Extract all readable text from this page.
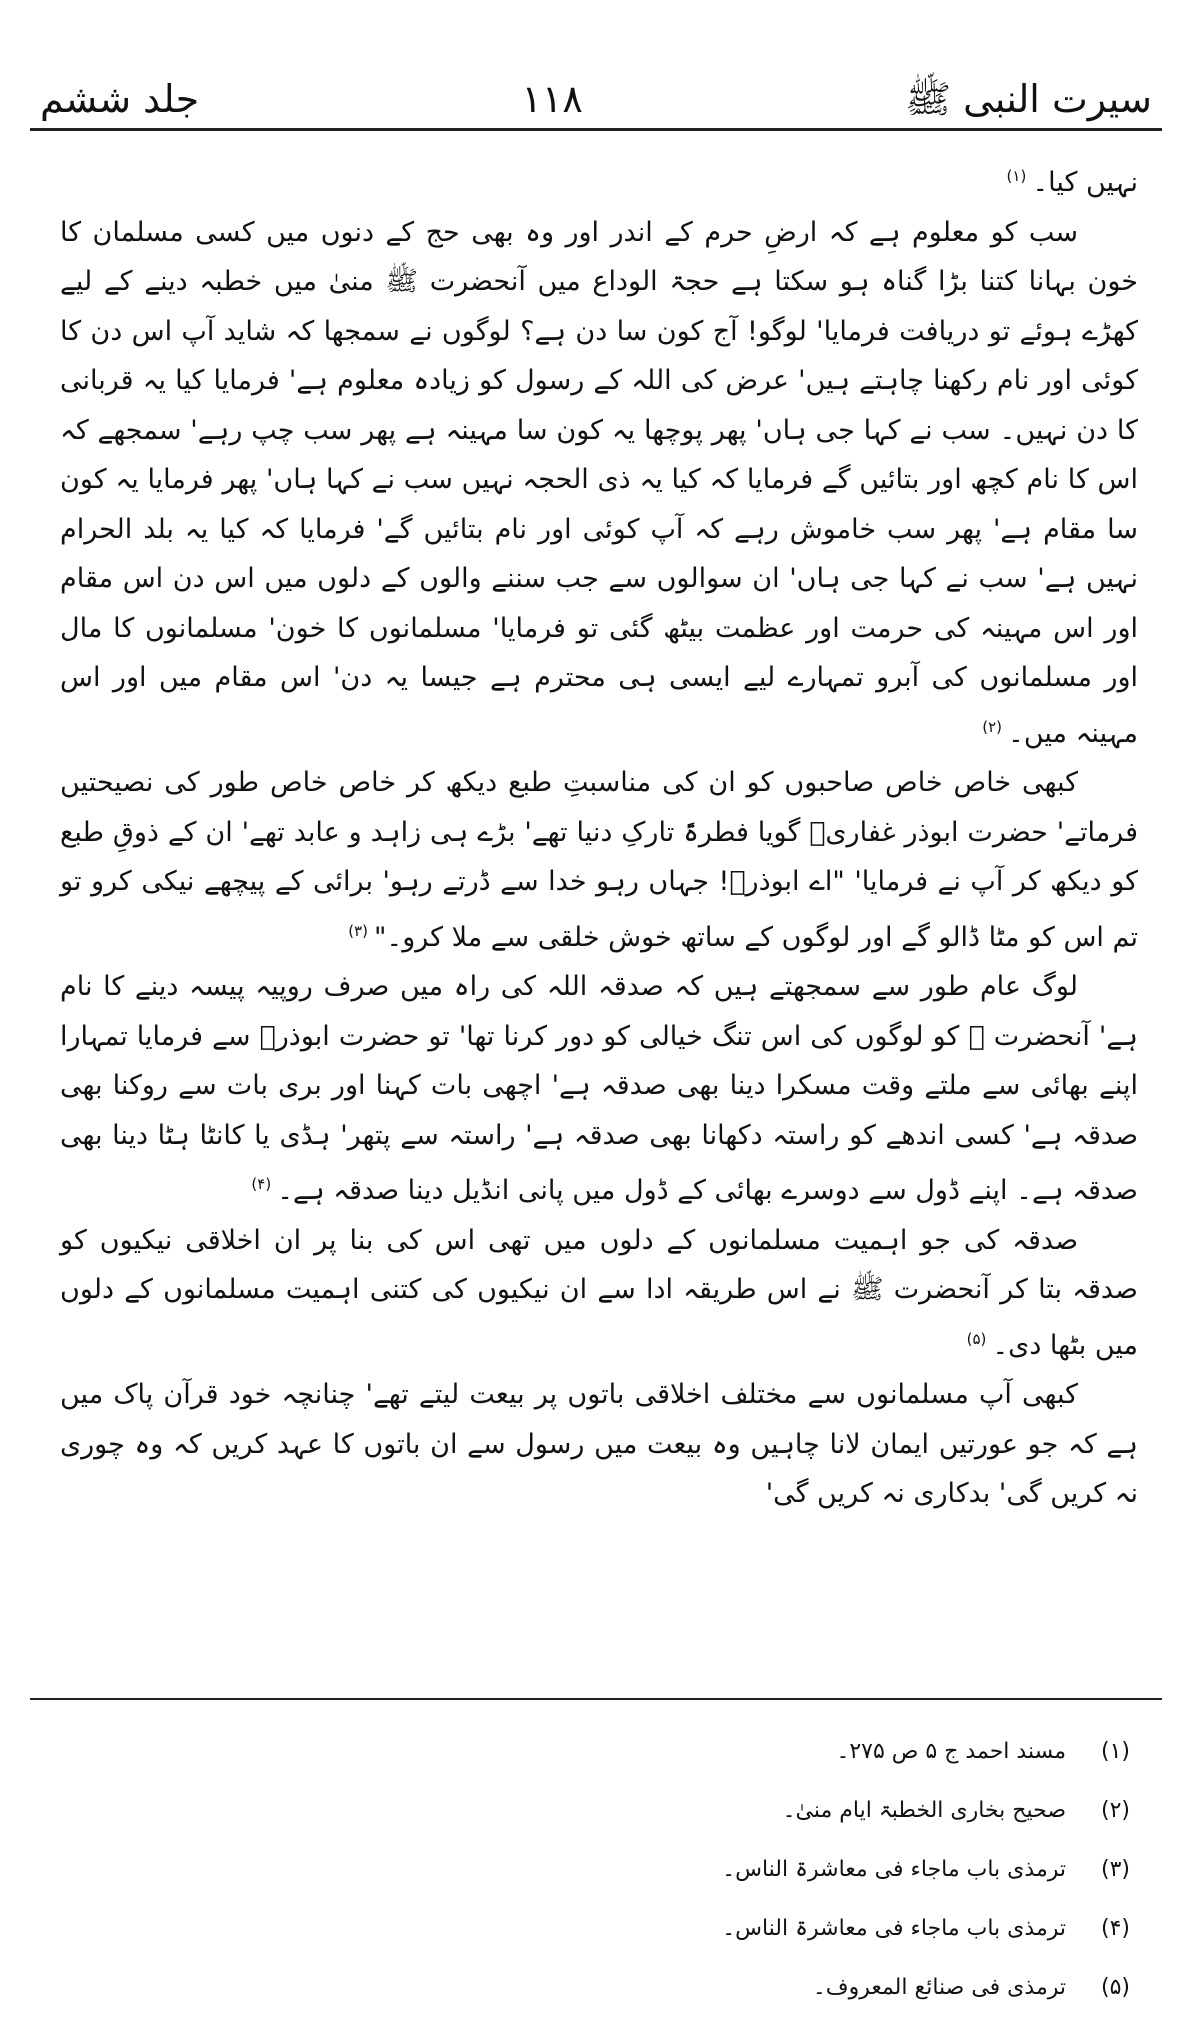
سیرت النبی ﷺ
۱۱۸
جلد ششم

نہیں کیا۔$^{(۱)}$

سب کو معلوم ہے کہ ارضِ حرم کے اندر اور وہ بھی حج کے دنوں میں کسی مسلمان کا خون بہانا کتنا بڑا گناہ ہو سکتا ہے حجۃ الوداع میں آنحضرت ﷺ منیٰ میں خطبہ دینے کے لیے کھڑے ہوئے تو دریافت فرمایا' لوگو! آج کون سا دن ہے؟ لوگوں نے سمجھا کہ شاید آپ اس دن کا کوئی اور نام رکھنا چاہتے ہیں' عرض کی اللہ کے رسول کو زیادہ معلوم ہے' فرمایا کیا یہ قربانی کا دن نہیں۔ سب نے کہا جی ہاں' پھر پوچھا یہ کون سا مہینہ ہے پھر سب چپ رہے' سمجھے کہ اس کا نام کچھ اور بتائیں گے فرمایا کہ کیا یہ ذی الحجہ نہیں سب نے کہا ہاں' پھر فرمایا یہ کون سا مقام ہے' پھر سب خاموش رہے کہ آپ کوئی اور نام بتائیں گے' فرمایا کہ کیا یہ بلد الحرام نہیں ہے' سب نے کہا جی ہاں' ان سوالوں سے جب سننے والوں کے دلوں میں اس دن اس مقام اور اس مہینہ کی حرمت اور عظمت بیٹھ گئی تو فرمایا' مسلمانوں کا خون' مسلمانوں کا مال اور مسلمانوں کی آبرو تمہارے لیے ایسی ہی محترم ہے جیسا یہ دن' اس مقام میں اور اس مہینہ میں۔$^{(۲)}$

کبھی خاص خاص صاحبوں کو ان کی مناسبتِ طبع دیکھ کر خاص خاص طور کی نصیحتیں فرماتے' حضرت ابوذر غفاریؓ گویا فطرۃً تارکِ دنیا تھے' بڑے ہی زاہد و عابد تھے' ان کے ذوقِ طبع کو دیکھ کر آپ نے فرمایا' "اے ابوذرؓ! جہاں رہو خدا سے ڈرتے رہو' برائی کے پیچھے نیکی کرو تو تم اس کو مٹا ڈالو گے اور لوگوں کے ساتھ خوش خلقی سے ملا کرو۔"$^{(۳)}$

لوگ عام طور سے سمجھتے ہیں کہ صدقہ اللہ کی راہ میں صرف روپیہ پیسہ دینے کا نام ہے' آنحضرت ﷺ کو لوگوں کی اس تنگ خیالی کو دور کرنا تھا' تو حضرت ابوذرؓ سے فرمایا تمہارا اپنے بھائی سے ملتے وقت مسکرا دینا بھی صدقہ ہے' اچھی بات کہنا اور بری بات سے روکنا بھی صدقہ ہے' کسی اندھے کو راستہ دکھانا بھی صدقہ ہے' راستہ سے پتھر' ہڈی یا کانٹا ہٹا دینا بھی صدقہ ہے۔ اپنے ڈول سے دوسرے بھائی کے ڈول میں پانی انڈیل دینا صدقہ ہے۔$^{(۴)}$

صدقہ کی جو اہمیت مسلمانوں کے دلوں میں تھی اس کی بنا پر ان اخلاقی نیکیوں کو صدقہ بتا کر آنحضرت ﷺ نے اس طریقہ ادا سے ان نیکیوں کی کتنی اہمیت مسلمانوں کے دلوں میں بٹھا دی۔$^{(۵)}$

کبھی آپ مسلمانوں سے مختلف اخلاقی باتوں پر بیعت لیتے تھے' چنانچہ خود قرآن پاک میں ہے کہ جو عورتیں ایمان لانا چاہیں وہ بیعت میں رسول سے ان باتوں کا عہد کریں کہ وہ چوری نہ کریں گی' بدکاری نہ کریں گی'

(۱)
مسند احمد ج ۵ ص ۲۷۵۔
(۲)
صحیح بخاری الخطبۃ ایام منیٰ۔
(۳)
ترمذی باب ماجاء فی معاشرۃ الناس۔
(۴)
ترمذی باب ماجاء فی معاشرۃ الناس۔
(۵)
ترمذی فی صنائع المعروف۔
